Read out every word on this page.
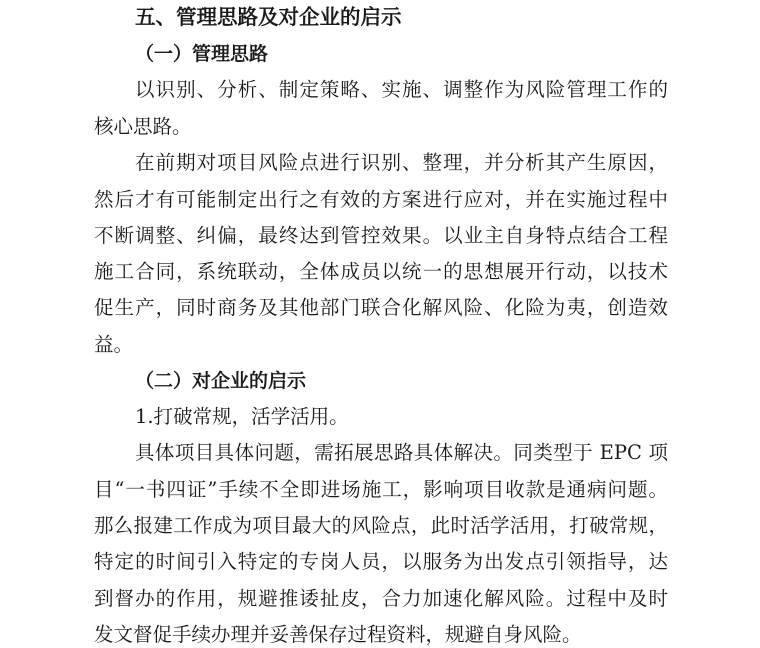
五、管理思路及对企业的启示
（一）管理思路
以识别、分析、制定策略、实施、调整作为风险管理工作的
核心思路。
在前期对项目风险点进行识别、整理，并分析其产生原因，
然后才有可能制定出行之有效的方案进行应对，并在实施过程中
不断调整、纠偏，最终达到管控效果。以业主自身特点结合工程
施工合同，系统联动，全体成员以统一的思想展开行动，以技术
促生产，同时商务及其他部门联合化解风险、化险为夷，创造效
益。
（二）对企业的启示
1.打破常规，活学活用。
具体项目具体问题，需拓展思路具体解决。同类型于 EPC 项
目“一书四证”手续不全即进场施工，影响项目收款是通病问题。
那么报建工作成为项目最大的风险点，此时活学活用，打破常规，
特定的时间引入特定的专岗人员，以服务为出发点引领指导，达
到督办的作用，规避推诿扯皮，合力加速化解风险。过程中及时
发文督促手续办理并妥善保存过程资料，规避自身风险。
